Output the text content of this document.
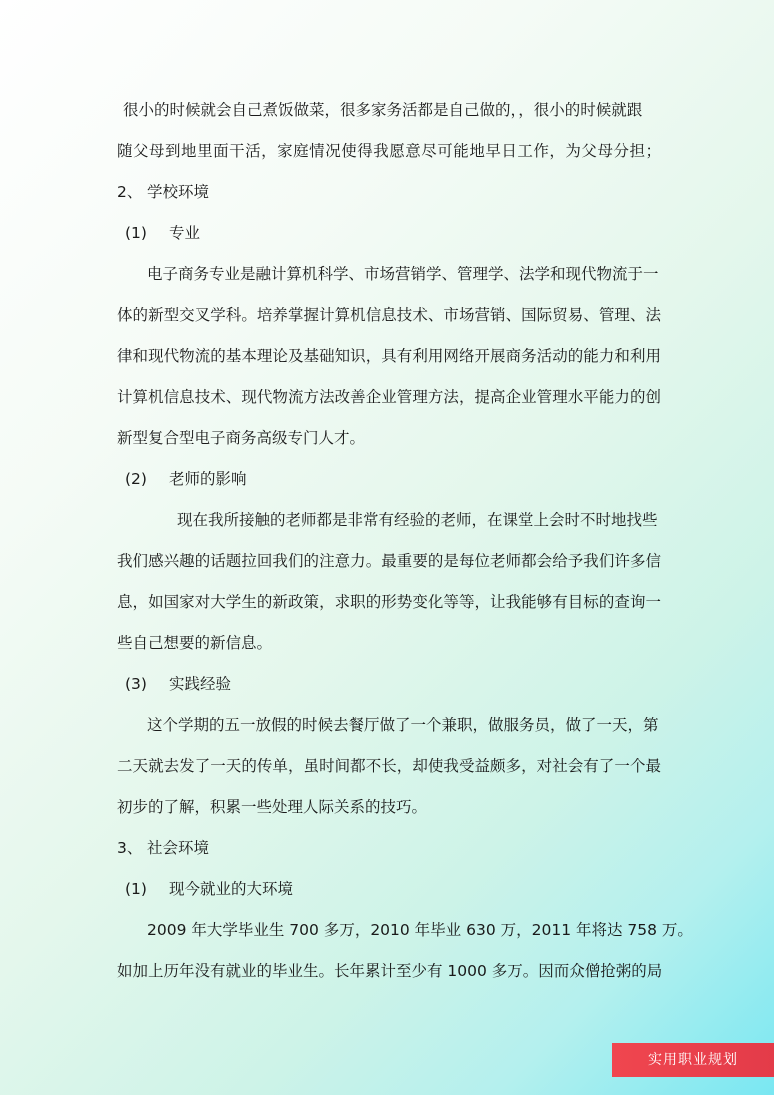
很小的时候就会自己煮饭做菜，很多家务活都是自己做的，，很小的时候就跟
随父母到地里面干活，家庭情况使得我愿意尽可能地早日工作，为父母分担；
2、 学校环境
(1) 专业
电子商务专业是融计算机科学、市场营销学、管理学、法学和现代物流于一
体的新型交叉学科。培养掌握计算机信息技术、市场营销、国际贸易、管理、法
律和现代物流的基本理论及基础知识，具有利用网络开展商务活动的能力和利用
计算机信息技术、现代物流方法改善企业管理方法，提高企业管理水平能力的创
新型复合型电子商务高级专门人才。
(2) 老师的影响
现在我所接触的老师都是非常有经验的老师，在课堂上会时不时地找些
我们感兴趣的话题拉回我们的注意力。最重要的是每位老师都会给予我们许多信
息，如国家对大学生的新政策，求职的形势变化等等，让我能够有目标的查询一
些自己想要的新信息。
(3) 实践经验
这个学期的五一放假的时候去餐厅做了一个兼职，做服务员，做了一天，第
二天就去发了一天的传单，虽时间都不长，却使我受益颇多，对社会有了一个最
初步的了解，积累一些处理人际关系的技巧。
3、 社会环境
(1) 现今就业的大环境
2009 年大学毕业生 700 多万，2010 年毕业 630 万，2011 年将达 758 万。
如加上历年没有就业的毕业生。长年累计至少有 1000 多万。因而众僧抢粥的局
实用职业规划
